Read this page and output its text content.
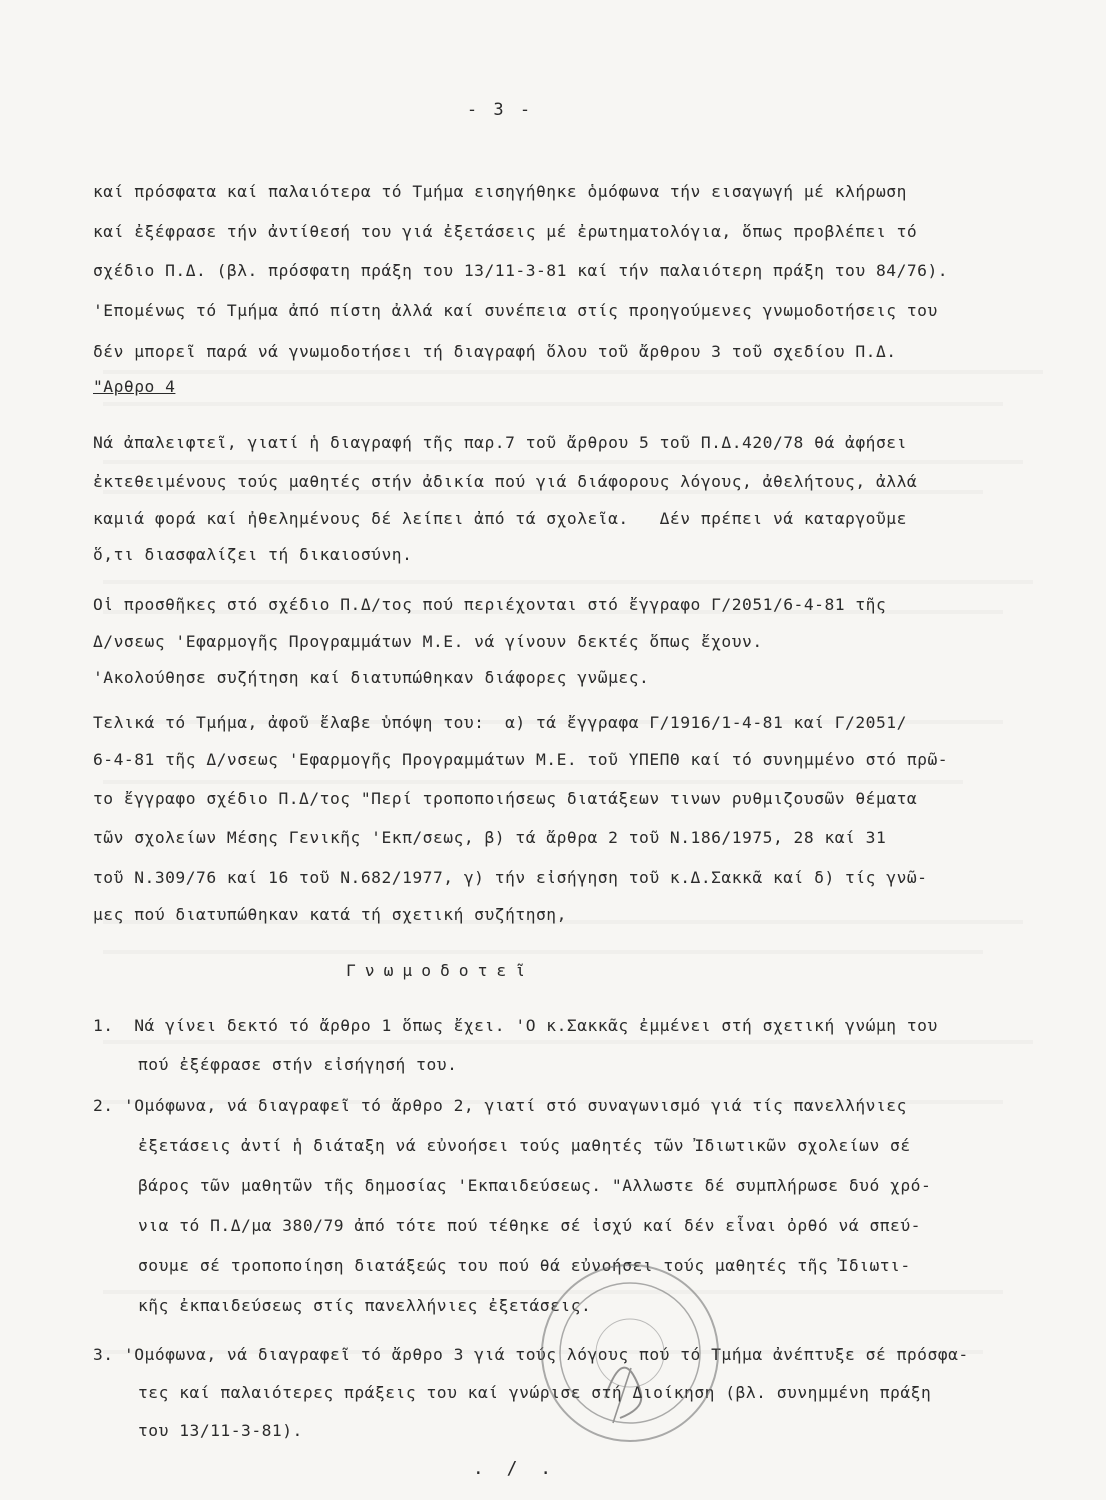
- 3 -
καί πρόσφατα καί παλαιότερα τό Τμήμα εισηγήθηκε ὁμόφωνα τήν εισαγωγή μέ κλήρωση
καί ἐξέφρασε τήν ἀντίθεσή του γιά ἐξετάσεις μέ ἐρωτηματολόγια, ὅπως προβλέπει τό
σχέδιο Π.Δ. (βλ. πρόσφατη πράξη του 13/11-3-81 καί τήν παλαιότερη πράξη του 84/76).
'Επομένως τό Τμήμα ἀπό πίστη ἀλλά καί συνέπεια στίς προηγούμενες γνωμοδοτήσεις του
δέν μπορεῖ παρά νά γνωμοδοτήσει τή διαγραφή ὅλου τοῦ ἄρθρου 3 τοῦ σχεδίου Π.Δ.
"Αρθρο 4
Νά ἀπαλειφτεῖ, γιατί ἡ διαγραφή τῆς παρ.7 τοῦ ἄρθρου 5 τοῦ Π.Δ.420/78 θά ἀφήσει
ἐκτεθειμένους τούς μαθητές στήν ἀδικία πού γιά διάφορους λόγους, ἀθελήτους, ἀλλά
καμιά φορά καί ἠθελημένους δέ λείπει ἀπό τά σχολεῖα.   Δέν πρέπει νά καταργοῦμε
ὅ,τι διασφαλίζει τή δικαιοσύνη.
Οἱ προσθῆκες στό σχέδιο Π.Δ/τος πού περιέχονται στό ἔγγραφο Γ/2051/6-4-81 τῆς
Δ/νσεως 'Εφαρμογῆς Προγραμμάτων Μ.Ε. νά γίνουν δεκτές ὅπως ἔχουν.
'Ακολούθησε συζήτηση καί διατυπώθηκαν διάφορες γνῶμες.
Τελικά τό Τμήμα, ἀφοῦ ἔλαβε ὑπόψη του:  α) τά ἔγγραφα Γ/1916/1-4-81 καί Γ/2051/
6-4-81 τῆς Δ/νσεως 'Εφαρμογῆς Προγραμμάτων Μ.Ε. τοῦ ΥΠΕΠΘ καί τό συνημμένο στό πρῶ-
το ἔγγραφο σχέδιο Π.Δ/τος "Περί τροποποιήσεως διατάξεων τινων ρυθμιζουσῶν θέματα
τῶν σχολείων Μέσης Γενικῆς 'Εκπ/σεως, β) τά ἄρθρα 2 τοῦ Ν.186/1975, 28 καί 31
τοῦ Ν.309/76 καί 16 τοῦ Ν.682/1977, γ) τήν εἰσήγηση τοῦ κ.Δ.Σακκᾶ καί δ) τίς γνῶ-
μες πού διατυπώθηκαν κατά τή σχετική συζήτηση,
Γνωμοδοτεῖ
1.  Νά γίνει δεκτό τό ἄρθρο 1 ὅπως ἔχει. 'Ο κ.Σακκᾶς ἐμμένει στή σχετική γνώμη του
πού ἐξέφρασε στήν εἰσήγησή του.
2. 'Ομόφωνα, νά διαγραφεῖ τό ἄρθρο 2, γιατί στό συναγωνισμό γιά τίς πανελλήνιες
ἐξετάσεις ἀντί ἡ διάταξη νά εὐνοήσει τούς μαθητές τῶν Ἰδιωτικῶν σχολείων σέ
βάρος τῶν μαθητῶν τῆς δημοσίας 'Εκπαιδεύσεως. "Αλλωστε δέ συμπλήρωσε δυό χρό-
νια τό Π.Δ/μα 380/79 ἀπό τότε πού τέθηκε σέ ἰσχύ καί δέν εἶναι ὀρθό νά σπεύ-
σουμε σέ τροποποίηση διατάξεώς του πού θά εὐνοήσει τούς μαθητές τῆς Ἰδιωτι-
κῆς ἐκπαιδεύσεως στίς πανελλήνιες ἐξετάσεις.
3. 'Ομόφωνα, νά διαγραφεῖ τό ἄρθρο 3 γιά τούς λόγους πού τό Τμήμα ἀνέπτυξε σέ πρόσφα-
τες καί παλαιότερες πράξεις του καί γνώρισε στή Διοίκηση (βλ. συνημμένη πράξη
του 13/11-3-81).
. / .
